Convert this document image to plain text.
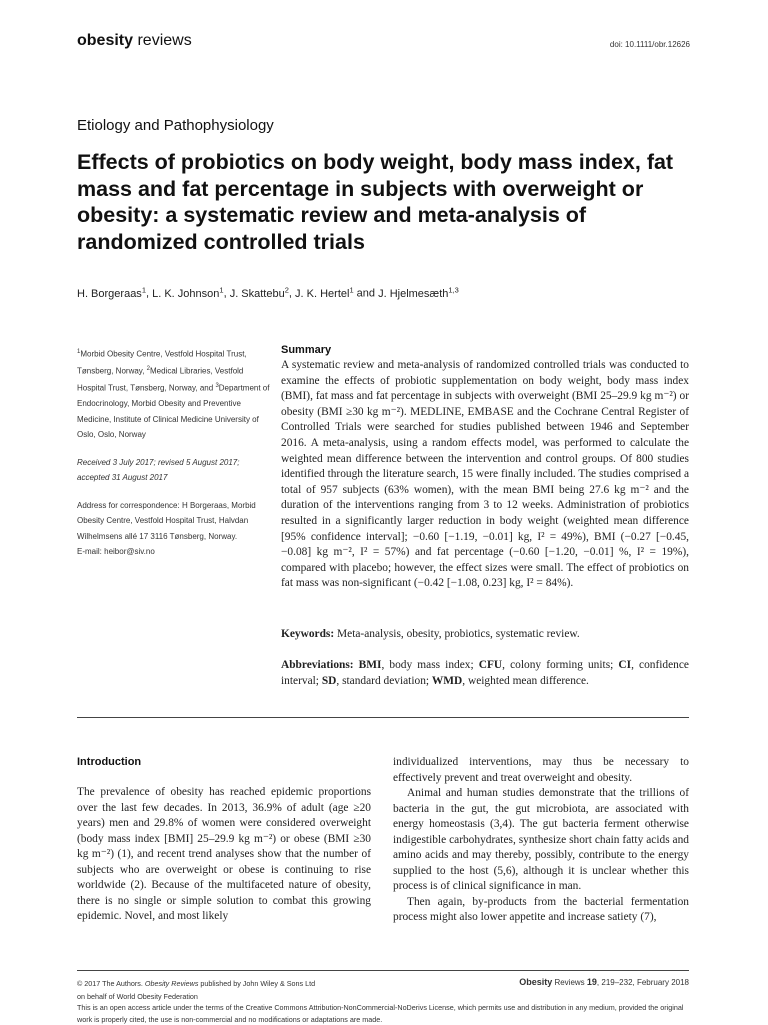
obesity reviews	doi: 10.1111/obr.12626
Etiology and Pathophysiology
Effects of probiotics on body weight, body mass index, fat mass and fat percentage in subjects with overweight or obesity: a systematic review and meta-analysis of randomized controlled trials
H. Borgeraas$^1$, L. K. Johnson$^1$, J. Skattebu$^2$, J. K. Hertel$^1$ and J. Hjelmesæth$^{1,3}$

$^1$Morbid Obesity Centre, Vestfold Hospital Trust, Tønsberg, Norway, $^2$Medical Libraries, Vestfold Hospital Trust, Tønsberg, Norway, and $^3$Department of Endocrinology, Morbid Obesity and Preventive Medicine, Institute of Clinical Medicine University of Oslo, Oslo, Norway

Received 3 July 2017; revised 5 August 2017; accepted 31 August 2017

Address for correspondence: H Borgeraas, Morbid Obesity Centre, Vestfold Hospital Trust, Halvdan Wilhelmsens allé 17 3116 Tønsberg, Norway.
E-mail: heibor@siv.no

Summary

A systematic review and meta-analysis of randomized controlled trials was conducted to examine the effects of probiotic supplementation on body weight, body mass index (BMI), fat mass and fat percentage in subjects with overweight (BMI 25–29.9 kg m⁻²) or obesity (BMI ≥30 kg m⁻²). MEDLINE, EMBASE and the Cochrane Central Register of Controlled Trials were searched for studies published between 1946 and September 2016. A meta-analysis, using a random effects model, was performed to calculate the weighted mean difference between the intervention and control groups. Of 800 studies identified through the literature search, 15 were finally included. The studies comprised a total of 957 subjects (63% women), with the mean BMI being 27.6 kg m⁻² and the duration of the interventions ranging from 3 to 12 weeks. Administration of probiotics resulted in a significantly larger reduction in body weight (weighted mean difference [95% confidence interval]; −0.60 [−1.19, −0.01] kg, I² = 49%), BMI (−0.27 [−0.45, −0.08] kg m⁻², I² = 57%) and fat percentage (−0.60 [−1.20, −0.01] %, I² = 19%), compared with placebo; however, the effect sizes were small. The effect of probiotics on fat mass was non-significant (−0.42 [−1.08, 0.23] kg, I² = 84%).

Keywords: Meta-analysis, obesity, probiotics, systematic review.

Abbreviations: BMI, body mass index; CFU, colony forming units; CI, confidence interval; SD, standard deviation; WMD, weighted mean difference.

Introduction

The prevalence of obesity has reached epidemic proportions over the last few decades. In 2013, 36.9% of adult (age ≥20 years) men and 29.8% of women were considered overweight (body mass index [BMI] 25–29.9 kg m⁻²) or obese (BMI ≥30 kg m⁻²) (1), and recent trend analyses show that the number of subjects who are overweight or obese is continuing to rise worldwide (2). Because of the multifaceted nature of obesity, there is no single or simple solution to combat this growing epidemic. Novel, and most likely

individualized interventions, may thus be necessary to effectively prevent and treat overweight and obesity.

Animal and human studies demonstrate that the trillions of bacteria in the gut, the gut microbiota, are associated with energy homeostasis (3,4). The gut bacteria ferment otherwise indigestible carbohydrates, synthesize short chain fatty acids and amino acids and may thereby, possibly, contribute to the energy supplied to the host (5,6), although it is unclear whether this process is of clinical significance in man.

Then again, by-products from the bacterial fermentation process might also lower appetite and increase satiety (7),

© 2017 The Authors. Obesity Reviews published by John Wiley & Sons Ltd
on behalf of World Obesity Federation
Obesity Reviews 19, 219–232, February 2018
This is an open access article under the terms of the Creative Commons Attribution-NonCommercial-NoDerivs License, which permits use and distribution in any medium, provided the original work is properly cited, the use is non-commercial and no modifications or adaptations are made.
